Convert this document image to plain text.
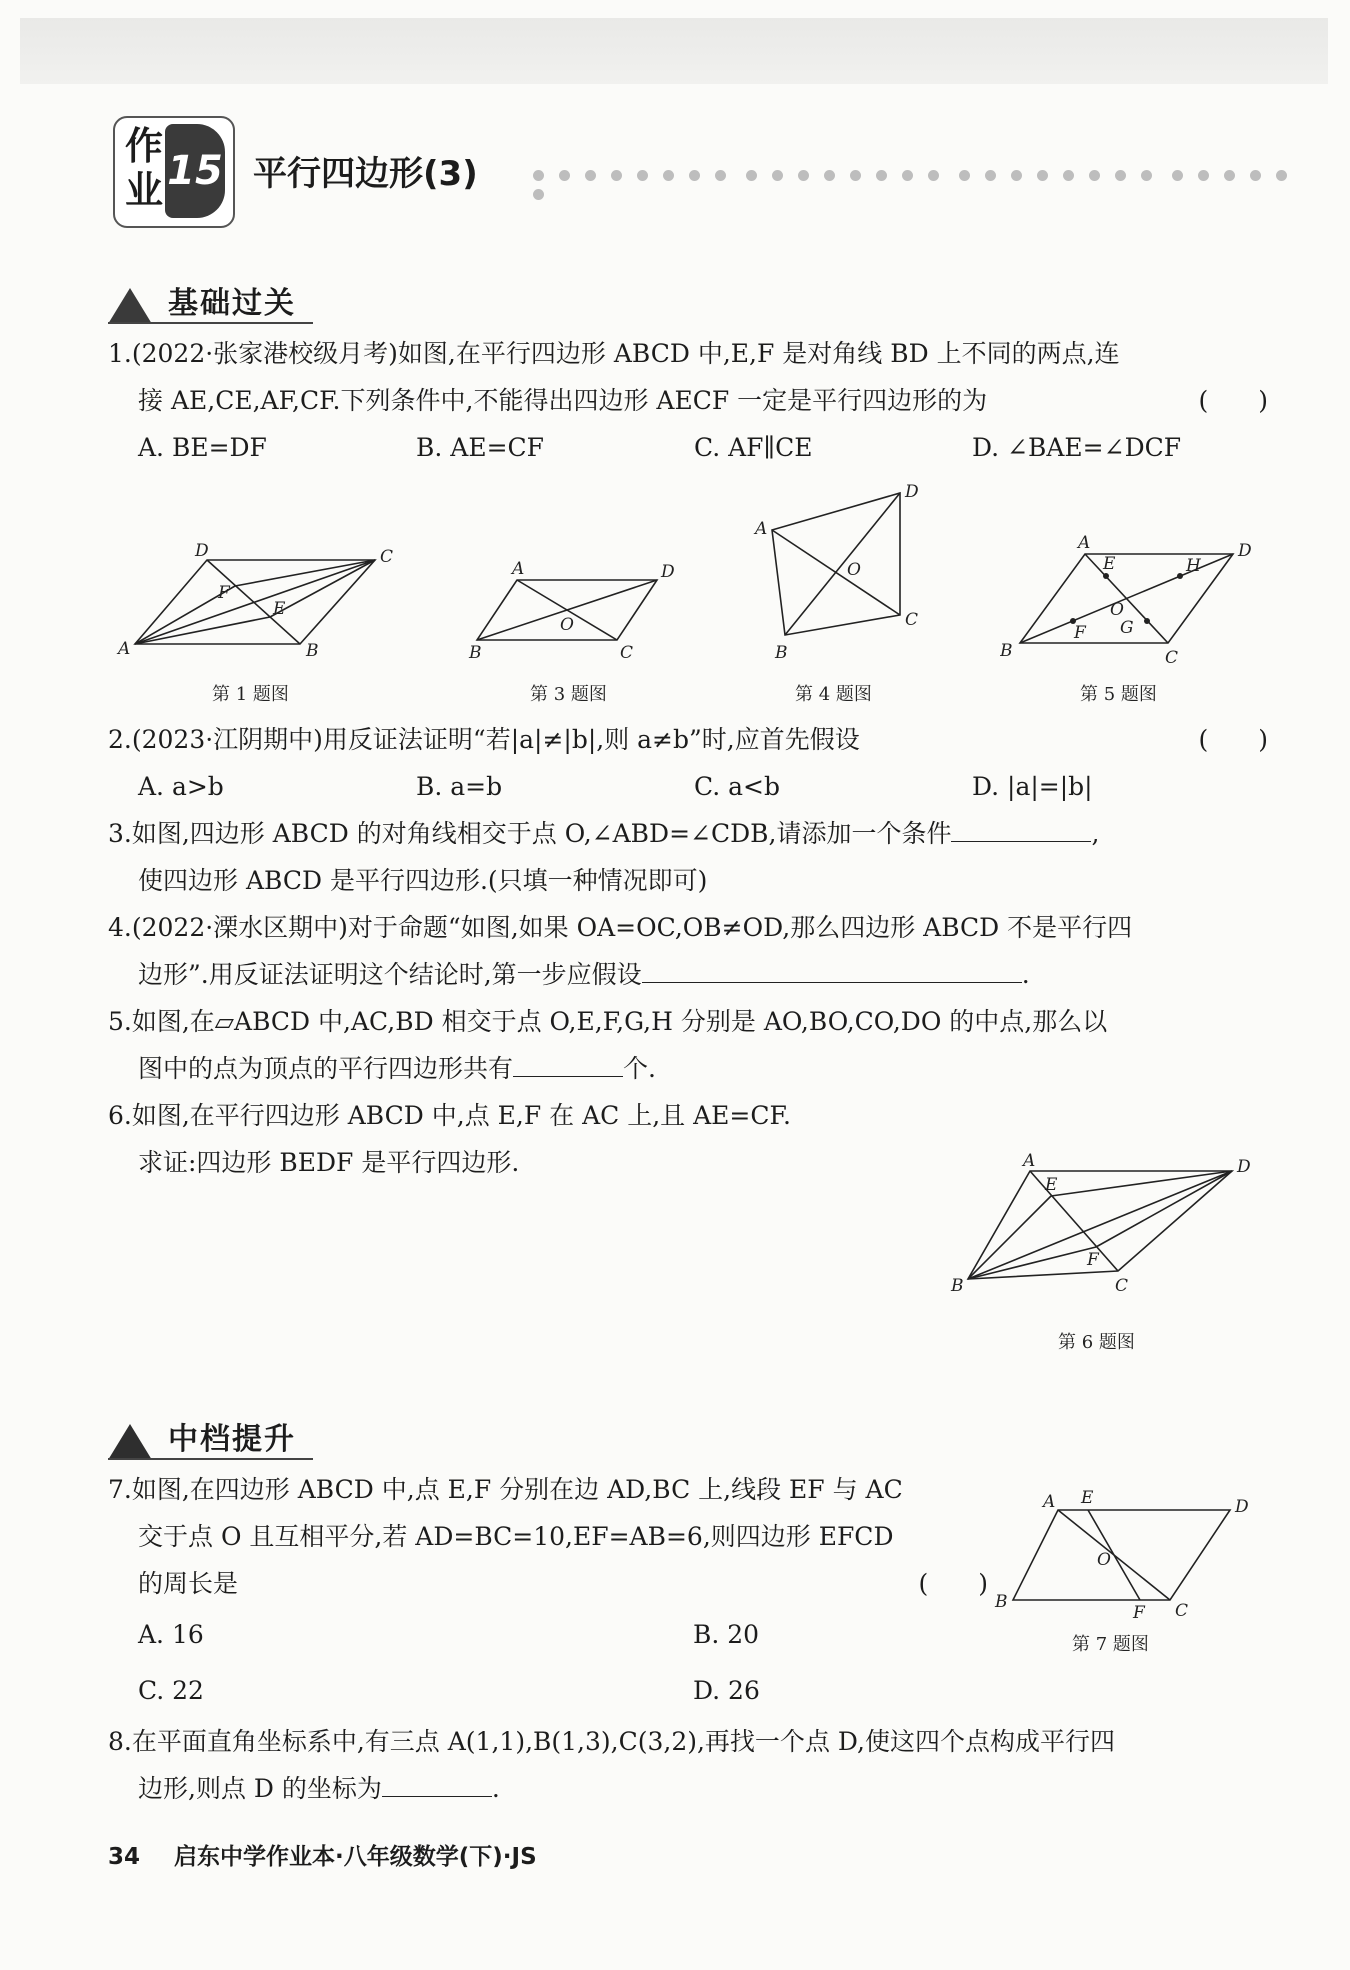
作业 15 平行四边形(3)

基础过关

1.(2022·张家港校级月考)如图,在平行四边形 ABCD 中,E,F 是对角线 BD 上不同的两点,连

接 AE,CE,AF,CF.下列条件中,不能得出四边形 AECF 一定是平行四边形的为	(　　)

A. BE=DF	B. AE=CF	C. AF∥CE	D. ∠BAE=∠DCF
A	B
C
D
E
F
第 1 题图
A
B	C
D
O
第 3 题图
A
B
C
D
O
第 4 题图
A
B	C
D
E
F G
H
O
第 5 题图

2.(2023·江阴期中)用反证法证明“若|a|≠|b|,则 a≠b”时,应首先假设	(　　)

A. a>b	B. a=b	C. a<b	D. |a|=|b|

3.如图,四边形 ABCD 的对角线相交于点 O,∠ABD=∠CDB,请添加一个条件	,

使四边形 ABCD 是平行四边形.(只填一种情况即可)

4.(2022·溧水区期中)对于命题“如图,如果 OA=OC,OB≠OD,那么四边形 ABCD 不是平行四

边形”.用反证法证明这个结论时,第一步应假设	.

5.如图,在▱ABCD 中,AC,BD 相交于点 O,E,F,G,H 分别是 AO,BO,CO,DO 的中点,那么以

图中的点为顶点的平行四边形共有	个.

6.如图,在平行四边形 ABCD 中,点 E,F 在 AC 上,且 AE=CF.

求证:四边形 BEDF 是平行四边形.	A
B	C
D
E
F
第 6 题图
中档提升

7.如图,在四边形 ABCD 中,点 E,F 分别在边 AD,BC 上,线段 EF 与 AC

交于点 O 且互相平分,若 AD=BC=10,EF=AB=6,则四边形 EFCD

的周长是	(　　)

A. 16	B. 20
C. 22	D. 26
A
B	C
D
E
F
O
第 7 题图

8.在平面直角坐标系中,有三点 A(1,1),B(1,3),C(3,2),再找一个点 D,使这四个点构成平行四

边形,则点 D 的坐标为	.

34 启东中学作业本·八年级数学(下)·JS
